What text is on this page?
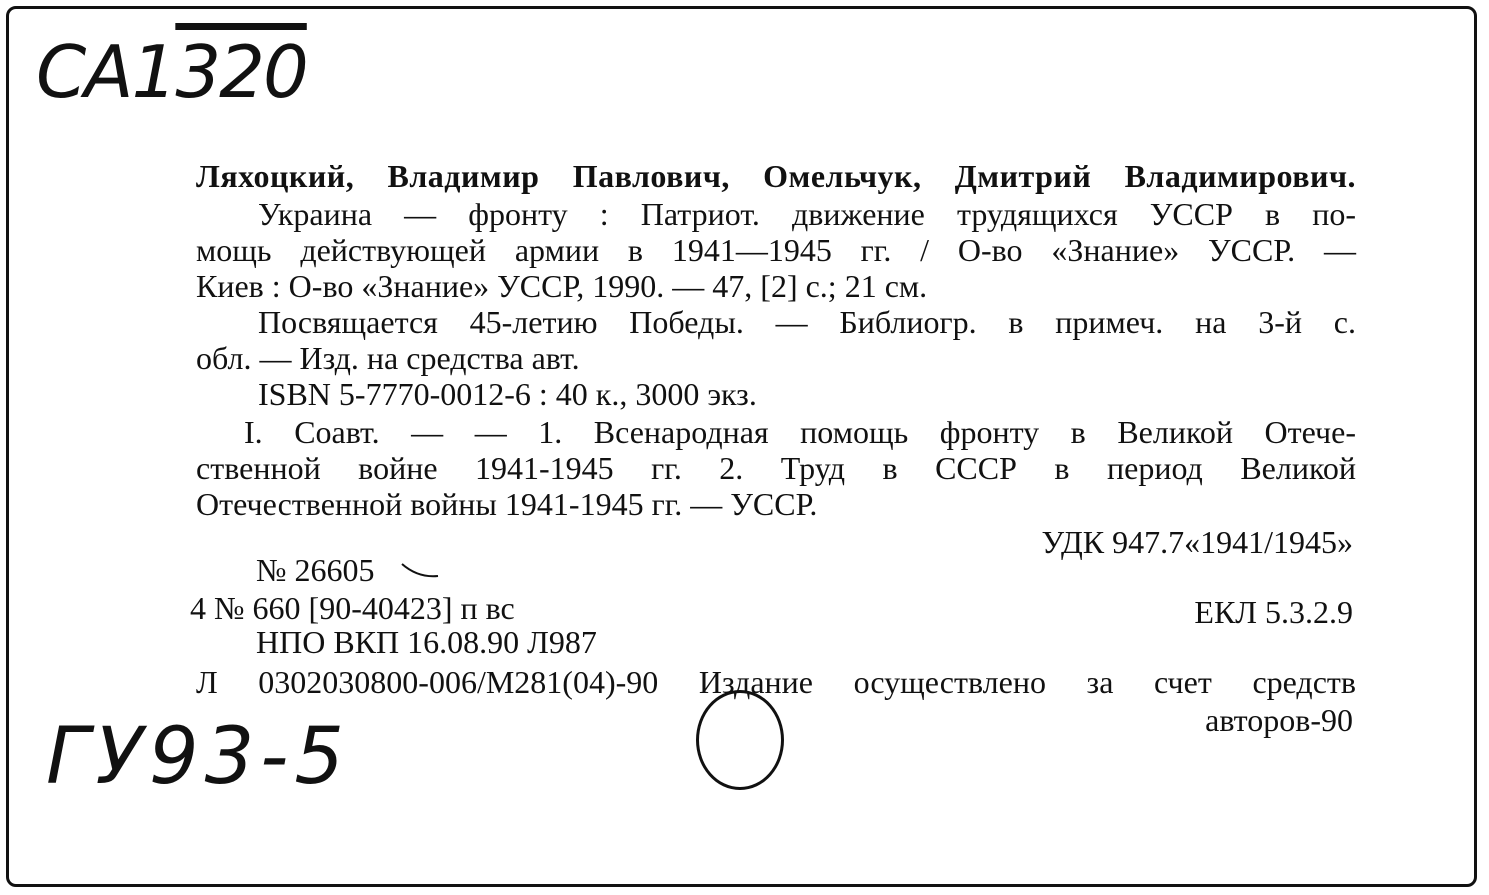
СА1320
Ляхоцкий, Владимир Павлович, Омельчук, Дмитрий Владимирович.
Украина — фронту : Патриот. движение трудящихся УССР в по-
мощь действующей армии в 1941—1945 гг. / О-во «Знание» УССР. —
Киев : О-во «Знание» УССР, 1990. — 47, [2] с.; 21 см.
Посвящается 45-летию Победы. — Библиогр. в примеч. на 3-й с.
обл. — Изд. на средства авт.
ISBN 5-7770-0012-6 : 40 к., 3000 экз.
I. Соавт. — — 1. Всенародная помощь фронту в Великой Отече-
ственной войне 1941-1945 гг. 2. Труд в СССР в период Великой
Отечественной войны 1941-1945 гг. — УССР.
УДК 947.7«1941/1945»
№ 26605
4 № 660 [90-40423] п вс	ЕКЛ 5.3.2.9
НПО ВКП 16.08.90 Л987
Л 0302030800-006/М281(04)-90 Издание осуществлено за счет средств
авторов-90
ГУ93-5
